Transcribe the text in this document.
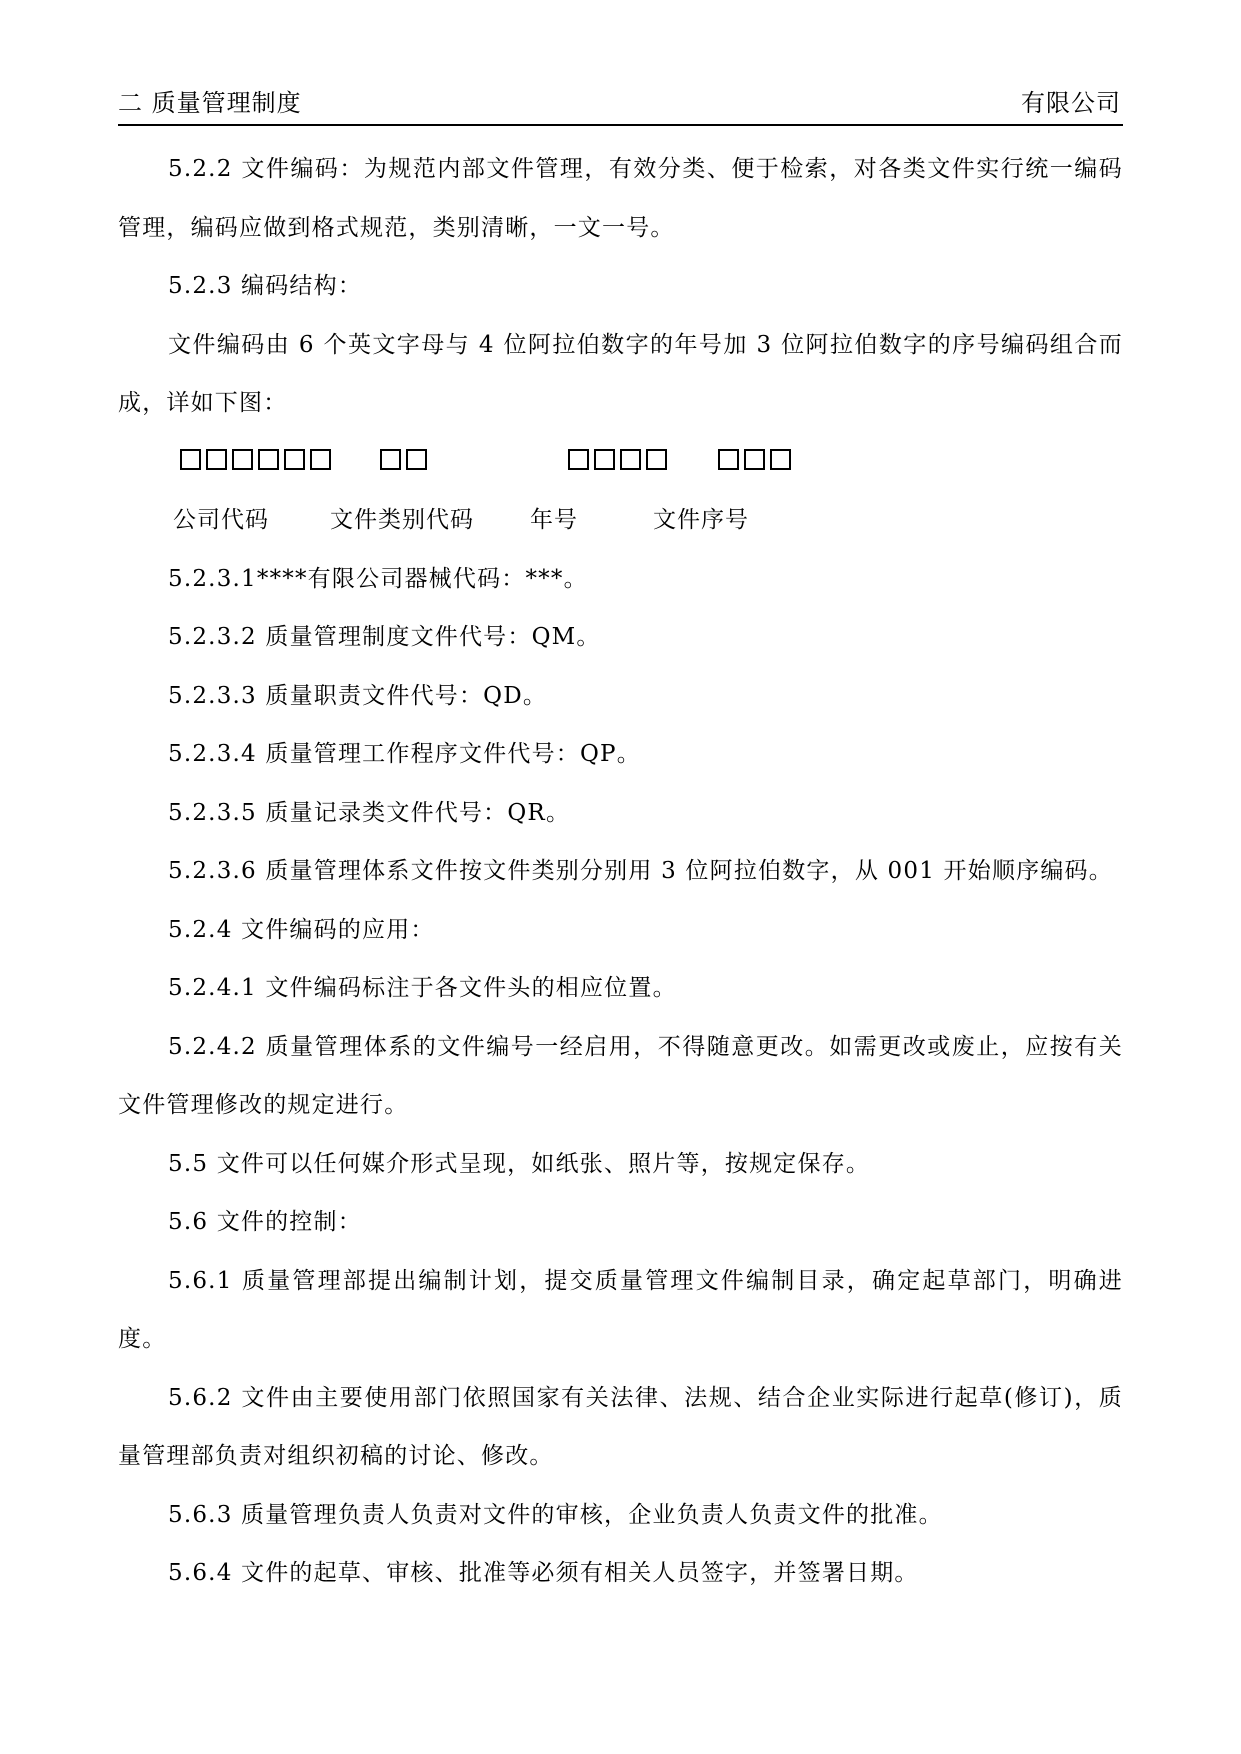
二 质量管理制度	有限公司

5.2.2 文件编码：为规范内部文件管理，有效分类、便于检索，对各类文件实行统一编码管理，编码应做到格式规范，类别清晰，一文一号。

5.2.3 编码结构：

文件编码由 6 个英文字母与 4 位阿拉伯数字的年号加 3 位阿拉伯数字的序号编码组合而成，详如下图：

公司代码	文件类别代码 年号	文件序号

5.2.3.1****有限公司器械代码：***。

5.2.3.2 质量管理制度文件代号：QM。

5.2.3.3 质量职责文件代号：QD。

5.2.3.4 质量管理工作程序文件代号：QP。

5.2.3.5 质量记录类文件代号：QR。

5.2.3.6 质量管理体系文件按文件类别分别用 3 位阿拉伯数字，从 001 开始顺序编码。

5.2.4 文件编码的应用：

5.2.4.1 文件编码标注于各文件头的相应位置。

5.2.4.2 质量管理体系的文件编号一经启用，不得随意更改。如需更改或废止，应按有关文件管理修改的规定进行。

5.5 文件可以任何媒介形式呈现，如纸张、照片等，按规定保存。

5.6 文件的控制：

5.6.1 质量管理部提出编制计划，提交质量管理文件编制目录，确定起草部门，明确进度。

5.6.2 文件由主要使用部门依照国家有关法律、法规、结合企业实际进行起草(修订)，质量管理部负责对组织初稿的讨论、修改。

5.6.3 质量管理负责人负责对文件的审核，企业负责人负责文件的批准。

5.6.4 文件的起草、审核、批准等必须有相关人员签字，并签署日期。
